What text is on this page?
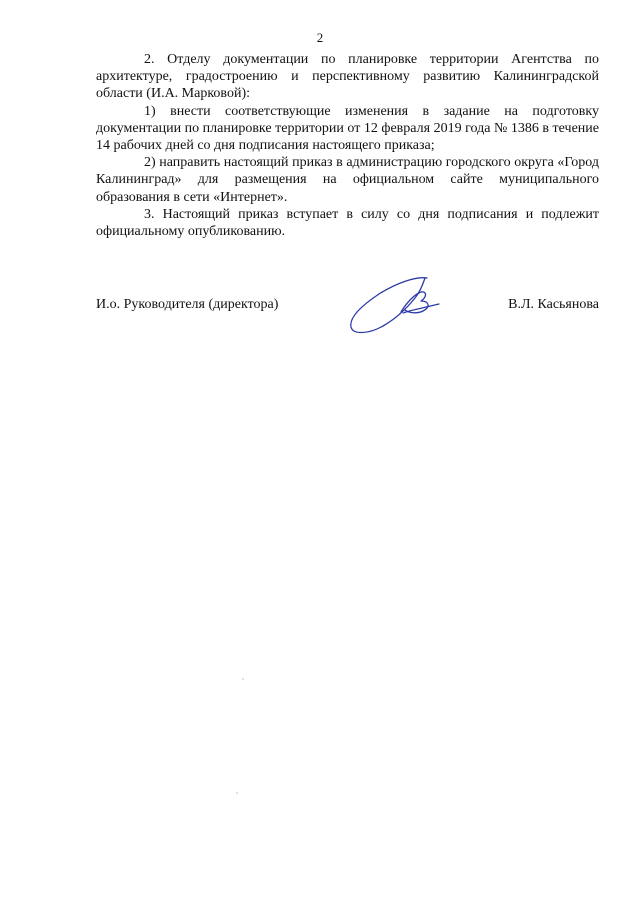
2

2. Отделу документации по планировке территории Агентства по архитектуре, градостроению и перспективному развитию Калининградской области (И.А. Марковой):

1) внести соответствующие изменения в задание на подготовку документации по планировке территории от 12 февраля 2019 года № 1386 в течение 14 рабочих дней со дня подписания настоящего приказа;

2) направить настоящий приказ в администрацию городского округа «Город Калининград» для размещения на официальном сайте муниципального образования в сети «Интернет».

3. Настоящий приказ вступает в силу со дня подписания и подлежит официальному опубликованию.

И.о. Руководителя (директора)	В.Л. Касьянова
